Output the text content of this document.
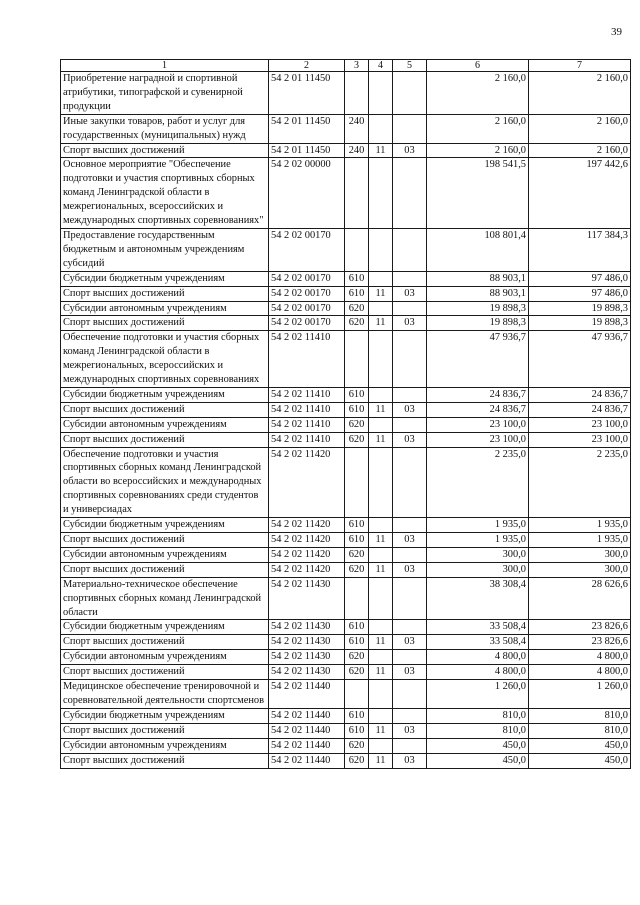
39
1	2	3	4	5	6	7
Приобретение наградной и спортивной атрибутики, типографской и сувенирной продукции	54 2 01 11450				2 160,0	2 160,0
Иные закупки товаров, работ и услуг для государственных (муниципальных) нужд	54 2 01 11450	240			2 160,0	2 160,0
Спорт высших достижений	54 2 01 11450	240	11	03	2 160,0	2 160,0
Основное мероприятие "Обеспечение подготовки и участия спортивных сборных команд Ленинградской области в межрегиональных, всероссийских и международных спортивных соревнованиях"	54 2 02 00000				198 541,5	197 442,6
Предоставление государственным бюджетным и автономным учреждениям субсидий	54 2 02 00170				108 801,4	117 384,3
Субсидии бюджетным учреждениям	54 2 02 00170	610			88 903,1	97 486,0
Спорт высших достижений	54 2 02 00170	610	11	03	88 903,1	97 486,0
Субсидии автономным учреждениям	54 2 02 00170	620			19 898,3	19 898,3
Спорт высших достижений	54 2 02 00170	620	11	03	19 898,3	19 898,3
Обеспечение подготовки и участия сборных команд Ленинградской области в межрегиональных, всероссийских и международных спортивных соревнованиях	54 2 02 11410				47 936,7	47 936,7
Субсидии бюджетным учреждениям	54 2 02 11410	610			24 836,7	24 836,7
Спорт высших достижений	54 2 02 11410	610	11	03	24 836,7	24 836,7
Субсидии автономным учреждениям	54 2 02 11410	620			23 100,0	23 100,0
Спорт высших достижений	54 2 02 11410	620	11	03	23 100,0	23 100,0
Обеспечение подготовки и участия спортивных сборных команд Ленинградской области во всероссийских и международных спортивных соревнованиях среди студентов и универсиадах	54 2 02 11420				2 235,0	2 235,0
Субсидии бюджетным учреждениям	54 2 02 11420	610			1 935,0	1 935,0
Спорт высших достижений	54 2 02 11420	610	11	03	1 935,0	1 935,0
Субсидии автономным учреждениям	54 2 02 11420	620			300,0	300,0
Спорт высших достижений	54 2 02 11420	620	11	03	300,0	300,0
Материально-техническое обеспечение спортивных сборных команд Ленинградской области	54 2 02 11430				38 308,4	28 626,6
Субсидии бюджетным учреждениям	54 2 02 11430	610			33 508,4	23 826,6
Спорт высших достижений	54 2 02 11430	610	11	03	33 508,4	23 826,6
Субсидии автономным учреждениям	54 2 02 11430	620			4 800,0	4 800,0
Спорт высших достижений	54 2 02 11430	620	11	03	4 800,0	4 800,0
Медицинское обеспечение тренировочной и соревновательной деятельности спортсменов	54 2 02 11440				1 260,0	1 260,0
Субсидии бюджетным учреждениям	54 2 02 11440	610			810,0	810,0
Спорт высших достижений	54 2 02 11440	610	11	03	810,0	810,0
Субсидии автономным учреждениям	54 2 02 11440	620			450,0	450,0
Спорт высших достижений	54 2 02 11440	620	11	03	450,0	450,0
